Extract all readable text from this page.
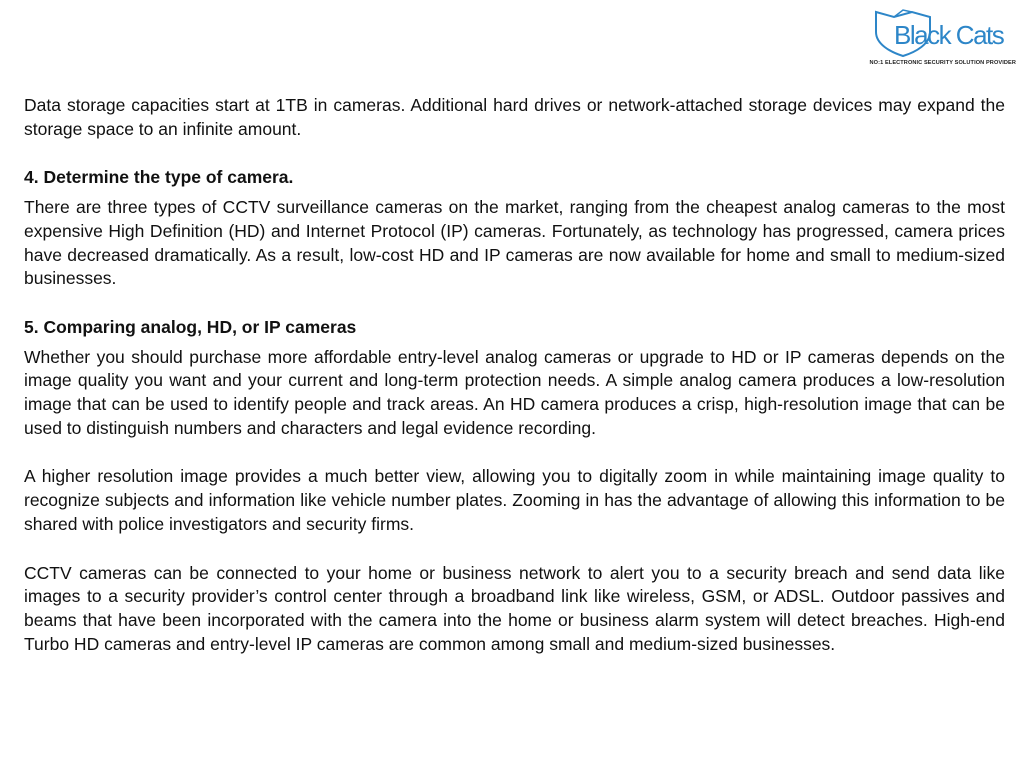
Black Cats
NO:1 ELECTRONIC SECURITY SOLUTION PROVIDER

Data storage capacities start at 1TB in cameras. Additional hard drives or network-attached storage devices may expand the storage space to an infinite amount.

4. Determine the type of camera.

There are three types of CCTV surveillance cameras on the market, ranging from the cheapest analog cameras to the most expensive High Definition (HD) and Internet Protocol (IP) cameras. Fortunately, as technology has progressed, camera prices have decreased dramatically. As a result, low-cost HD and IP cameras are now available for home and small to medium-sized businesses.

5. Comparing analog, HD, or IP cameras

Whether you should purchase more affordable entry-level analog cameras or upgrade to HD or IP cameras depends on the image quality you want and your current and long-term protection needs. A simple analog camera produces a low-resolution image that can be used to identify people and track areas. An HD camera produces a crisp, high-resolution image that can be used to distinguish numbers and characters and legal evidence recording.

A higher resolution image provides a much better view, allowing you to digitally zoom in while maintaining image quality to recognize subjects and information like vehicle number plates. Zooming in has the advantage of allowing this information to be shared with police investigators and security firms.

CCTV cameras can be connected to your home or business network to alert you to a security breach and send data like images to a security provider’s control center through a broadband link like wireless, GSM, or ADSL. Outdoor passives and beams that have been incorporated with the camera into the home or business alarm system will detect breaches. High-end Turbo HD cameras and entry-level IP cameras are common among small and medium-sized businesses.
